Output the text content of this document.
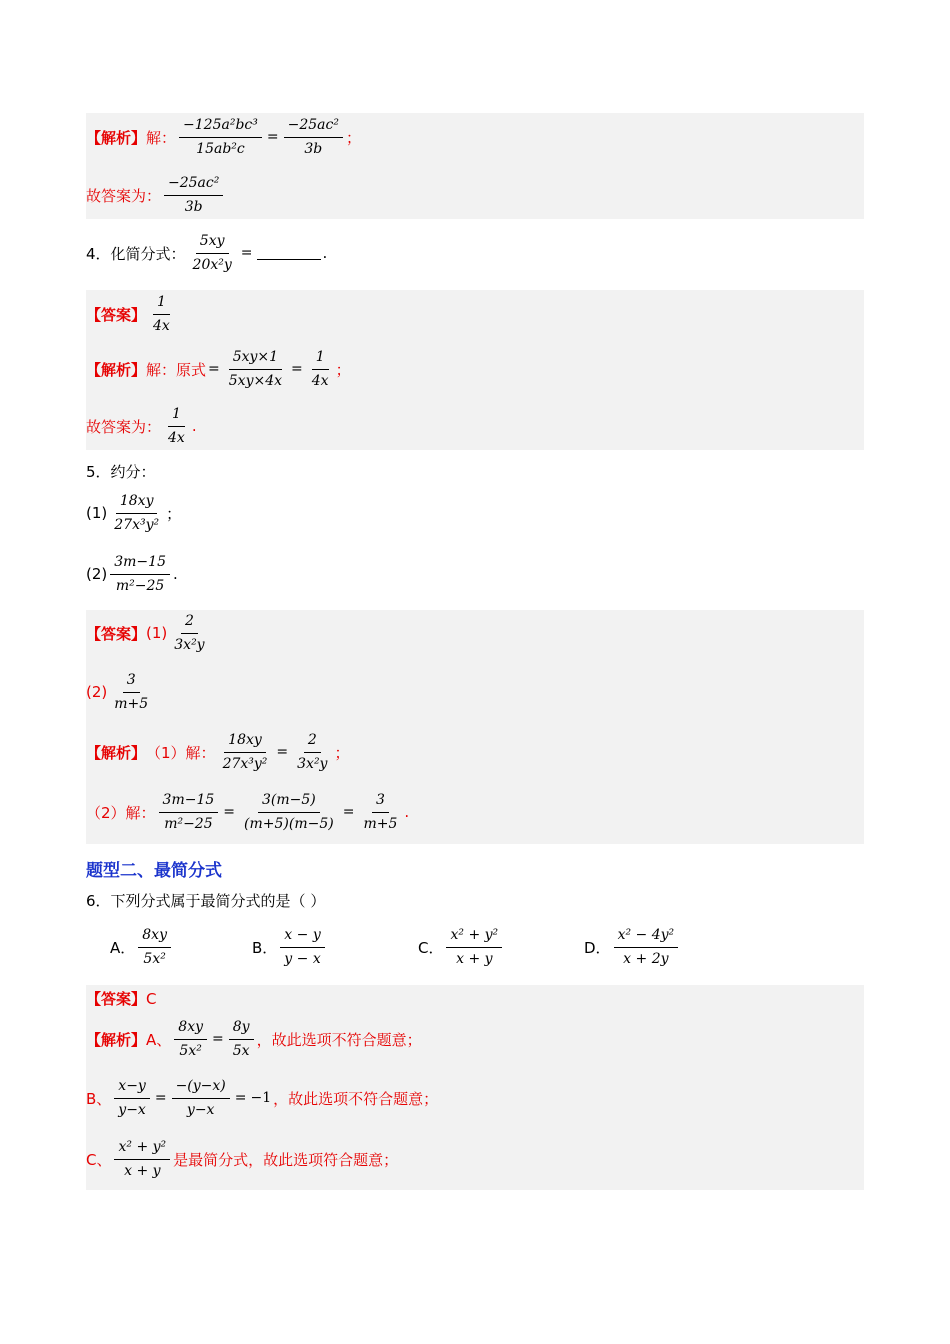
【解析】 解： $\frac{\text{−125a²bc³}}{\text{15ab²c}} = \frac{\text{−25ac²}}{3b}$ ；
故答案为： $\frac{\text{−25ac²}}{3b}$
4．化简分式： $\frac{5xy}{\text{20x²y}}$ =	.
【答案】 $\frac{1}{4x}$
【解析】 解：原式 = $\frac{5xy\times 1}{5xy\times 4x} = \frac{1}{4x}$ ；
故答案为： $\frac{1}{4x}$ .
5．约分：
$(1) \frac{18xy}{\text{27x³y²}}$ ；
$(2) \frac{3m-15}{\text{m²−25}}$ .
【答案】 $(1) \frac{2}{\text{3x²y}}$
$(2) \frac{3}{m+5}$
【解析】 （1）解： $\frac{18xy}{\text{27x³y²}} = \frac{2}{\text{3x²y}}$ ；
（2）解： $\frac{3m-15}{\text{m²−25}} = \frac{3(m-5)}{(m+5)(m-5)} = \frac{3}{m+5}$ .
题型二、最简分式
6．下列分式属于最简分式的是（ ）
A． $\frac{8xy}{\text{5x²}}$	B． $\frac{x - y}{y - x}$	C． $\frac{\text{x² + y²}}{x + y}$	D． $\frac{\text{x² − 4y²}}{x + 2y}$
【答案】 C
【解析】 A、 $\frac{8xy}{\text{5x²}} = \frac{8y}{5x}$ ，故此选项不符合题意；
B、 $\frac{x-y}{y-x} = \frac{-(y-x)}{y-x} = -1$ ，故此选项不符合题意；
C、 $\frac{\text{x² + y²}}{x + y}$ 是最简分式，故此选项符合题意；
